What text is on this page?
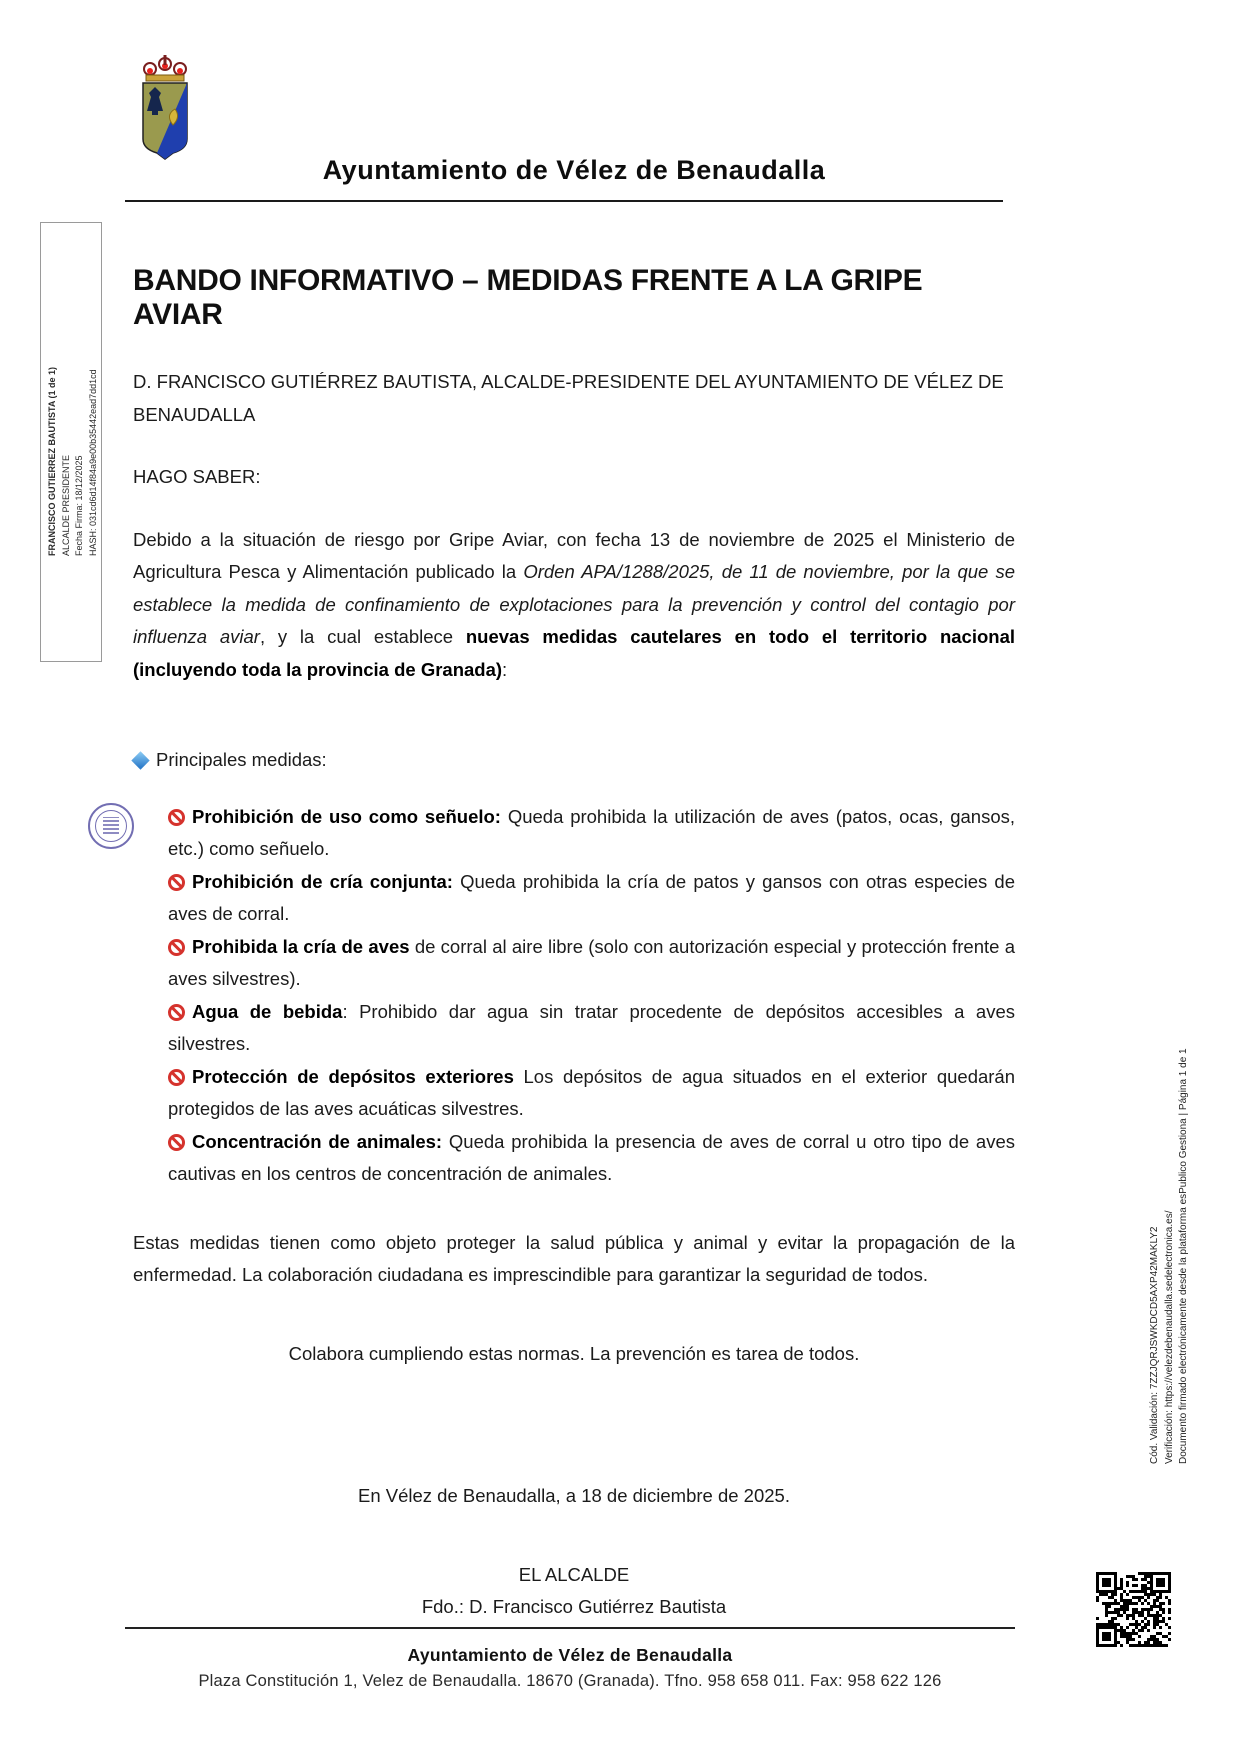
FRANCISCO GUTIERREZ BAUTISTA (1 de 1) ALCALDE PRESIDENTE Fecha Firma: 18/12/2025 HASH: 031cd6d14f84a9e00b35442ead7dd1cd
Ayuntamiento de Vélez de Benaudalla
BANDO INFORMATIVO – MEDIDAS FRENTE A LA GRIPE AVIAR

D. FRANCISCO GUTIÉRREZ BAUTISTA, ALCALDE-PRESIDENTE DEL AYUNTAMIENTO DE VÉLEZ DE BENAUDALLA

HAGO SABER:

Debido a la situación de riesgo por Gripe Aviar, con fecha 13 de noviembre de 2025 el Ministerio de Agricultura Pesca y Alimentación publicado la Orden APA/1288/2025, de 11 de noviembre, por la que se establece la medida de confinamiento de explotaciones para la prevención y control del contagio por influenza aviar, y la cual establece nuevas medidas cautelares en todo el territorio nacional (incluyendo toda la provincia de Granada):

Principales medidas:
Prohibición de uso como señuelo: Queda prohibida la utilización de aves (patos, ocas, gansos, etc.) como señuelo.
Prohibición de cría conjunta: Queda prohibida la cría de patos y gansos con otras especies de aves de corral.
Prohibida la cría de aves de corral al aire libre (solo con autorización especial y protección frente a aves silvestres).
Agua de bebida: Prohibido dar agua sin tratar procedente de depósitos accesibles a aves silvestres.
Protección de depósitos exteriores Los depósitos de agua situados en el exterior quedarán protegidos de las aves acuáticas silvestres.
Concentración de animales: Queda prohibida la presencia de aves de corral u otro tipo de aves cautivas en los centros de concentración de animales.

Estas medidas tienen como objeto proteger la salud pública y animal y evitar la propagación de la enfermedad. La colaboración ciudadana es imprescindible para garantizar la seguridad de todos.

Colabora cumpliendo estas normas. La prevención es tarea de todos.

En Vélez de Benaudalla, a 18 de diciembre de 2025.

EL ALCALDE

Fdo.: D. Francisco Gutiérrez Bautista

Ayuntamiento de Vélez de Benaudalla
Plaza Constitución 1, Velez de Benaudalla. 18670 (Granada). Tfno. 958 658 011. Fax: 958 622 126
Cód. Validación: 7ZZJQRJSWKDCD5AXP42MAKLY2 Verificación: https://velezdebenaudalla.sedelectronica.es/ Documento firmado electrónicamente desde la plataforma esPublico Gestiona | Página 1 de 1
